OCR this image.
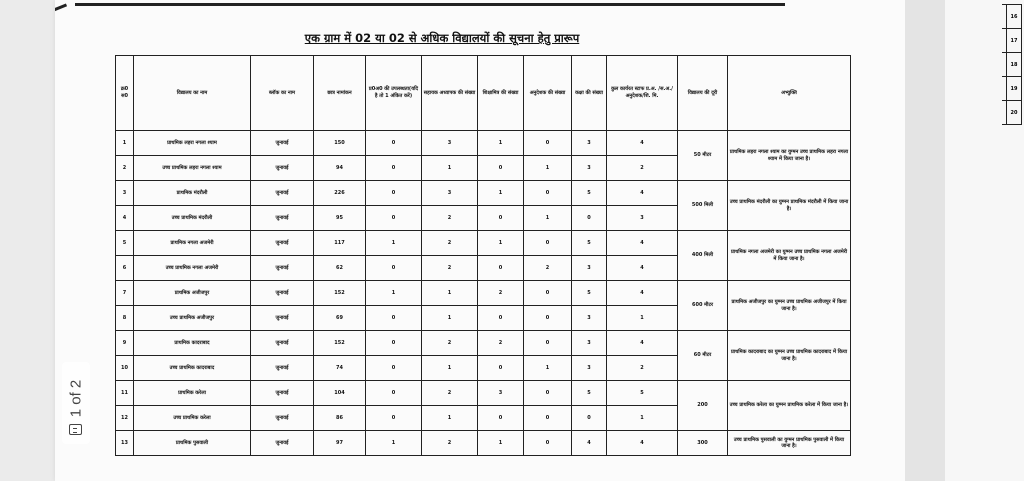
	16
	17
	18
	19
	20
एक ग्राम में 02 या 02 से अधिक विद्यालयों की सूचना हेतु प्रारूप
क्र0 स0	विद्यालय का नाम	ब्लॉक का नाम	छात्र नामांकन	प्र0अ0 की उपलब्धता(यदि है तो 1 अंकित करें)	सहायक अध्यापक की संख्या	शिक्षामित्र की संख्या	अनुदेशक की संख्या	कक्षा की संख्या	कुल कार्यरत स्टाफ प्र.अ. /स.अ./अनुदेशक/शि. मि.	विद्यालय की दूरी	अभ्युक्ति
1	प्राथमिक लहरा नगला श्याम	जुनावई	150	0	3	1	0	3	4	50 मीटर	प्राथमिक लहरा नगला श्याम का युग्मन उच्च प्राथमिक लहरा नगला श्याम में किया जाना है।
2	उच्च प्राथमिक लहरा नगला श्याम	जुनावई	94	0	1	0	1	3	2		
3	प्राथमिक मंदरौली	जुनावई	226	0	3	1	0	5	4	500 मिली	उच्च प्राथमिक मंदरौली का युग्मन प्राथमिक मंदरौली में किया जाना है।
4	उच्च प्राथमिक मंदरौली	जुनावई	95	0	2	0	1	0	3		
5	प्राथमिक नगला अजमेरी	जुनावई	117	1	2	1	0	5	4	400 मिली	प्राथमिक नगला अजमेरी का युग्मन उच्च प्राथमिक नगला अजमेरी में किया जाना है।
6	उच्च प्राथमिक नगला अजमेरी	जुनावई	62	0	2	0	2	3	4		
7	प्राथमिक अजीजपुर	जुनावई	152	1	1	2	0	5	4	600 मीटर	प्राथमिक अजीजपुर का युग्मन उच्च प्राथमिक अजीजपुर में किया जाना है।
8	उच्च प्राथमिक अजीजपुर	जुनावई	69	0	1	0	0	3	1		
9	प्राथमिक कादराबाद	जुनावई	152	0	2	2	0	3	4	60 मीटर	प्राथमिक कादराबाद का युग्मन उच्च प्राथमिक कादराबाद में किया जाना है।
10	उच्च प्राथमिक कादराबाद	जुनावई	74	0	1	0	1	3	2		
11	प्राथमिक करेला	जुनावई	104	0	2	3	0	5	5	200	उच्च प्राथमिक करेला का युग्मन प्राथमिक करेला में किया जाना है।
12	उच्च प्राथमिक करेला	जुनावई	86	0	1	0	0	0	1		
13	प्राथमिक पुसवाली	जुनावई	97	1	2	1	0	4	4	300	उच्च प्राथमिक पुसवाली का युग्मन प्राथमिक पुसवाली में किया जाना है।
1 of 2
